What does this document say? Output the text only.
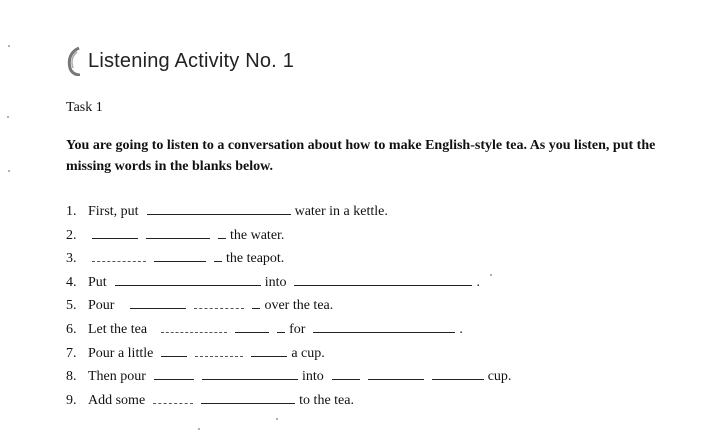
Listening Activity No. 1
Task 1
You are going to listen to a conversation about how to make English-style tea. As you listen, put the missing words in the blanks below.
1. First, put	water in a kettle.
2.	the water.
3.	the teapot.
4. Put	into	.
5. Pour	over the tea.
6. Let the tea	for	.
7. Pour a little	a cup.
8. Then pour	into	cup.
9. Add some	to the tea.
